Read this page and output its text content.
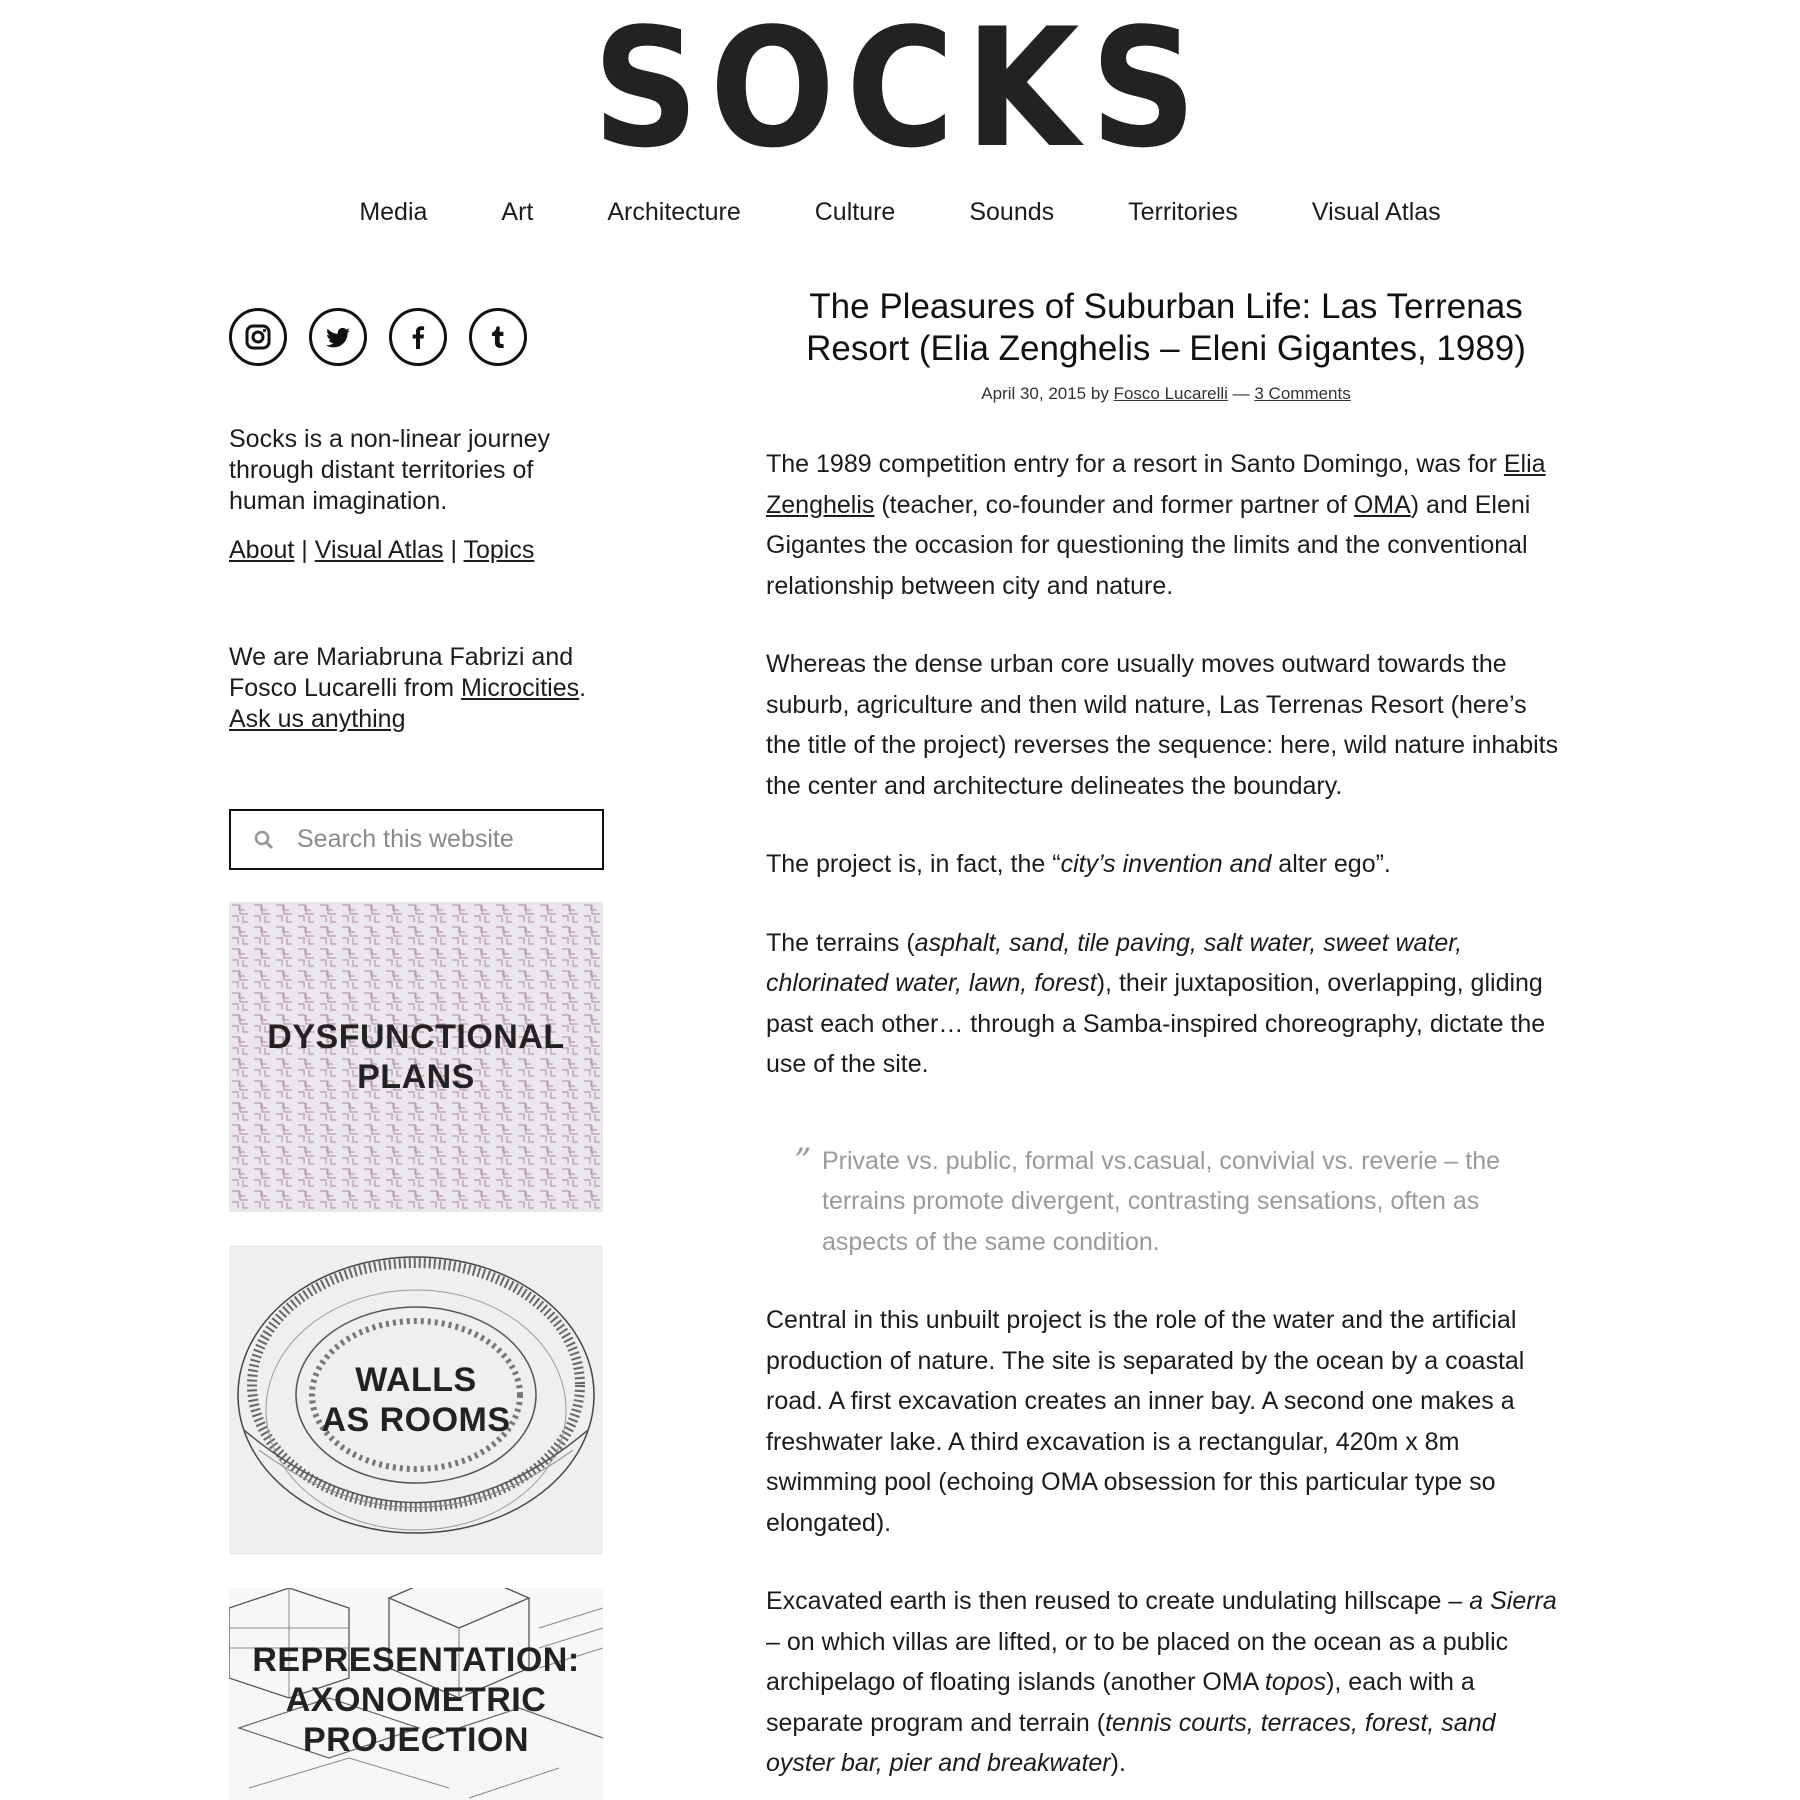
SOCKS
Media	Art	Architecture	Culture	Sounds	Territories	Visual Atlas
Socks is a non-linear journey through distant territories of human imagination.
About | Visual Atlas | Topics
We are Mariabruna Fabrizi and Fosco Lucarelli from Microcities.
Ask us anything
Search this website
DYSFUNCTIONAL
PLANS
WALLS
AS ROOMS
REPRESENTATION:
AXONOMETRIC
PROJECTION
The Pleasures of Suburban Life: Las Terrenas Resort (Elia Zenghelis – Eleni Gigantes, 1989)
April 30, 2015 by Fosco Lucarelli — 3 Comments

The 1989 competition entry for a resort in Santo Domingo, was for Elia Zenghelis (teacher, co-founder and former partner of OMA) and Eleni Gigantes the occasion for questioning the limits and the conventional relationship between city and nature.

Whereas the dense urban core usually moves outward towards the suburb, agriculture and then wild nature, Las Terrenas Resort (here’s the title of the project) reverses the sequence: here, wild nature inhabits the center and architecture delineates the boundary.

The project is, in fact, the “city’s invention and alter ego”.

The terrains (asphalt, sand, tile paving, salt water, sweet water, chlorinated water, lawn, forest), their juxtaposition, overlapping, gliding past each other… through a Samba-inspired choreography, dictate the use of the site.

” Private vs. public, formal vs.casual, convivial vs. reverie – the terrains promote divergent, contrasting sensations, often as aspects of the same condition.

Central in this unbuilt project is the role of the water and the artificial production of nature. The site is separated by the ocean by a coastal road. A first excavation creates an inner bay. A second one makes a freshwater lake. A third excavation is a rectangular, 420m x 8m swimming pool (echoing OMA obsession for this particular type so elongated).

Excavated earth is then reused to create undulating hillscape – a Sierra – on which villas are lifted, or to be placed on the ocean as a public archipelago of floating islands (another OMA topos), each with a separate program and terrain (tennis courts, terraces, forest, sand oyster bar, pier and breakwater).
